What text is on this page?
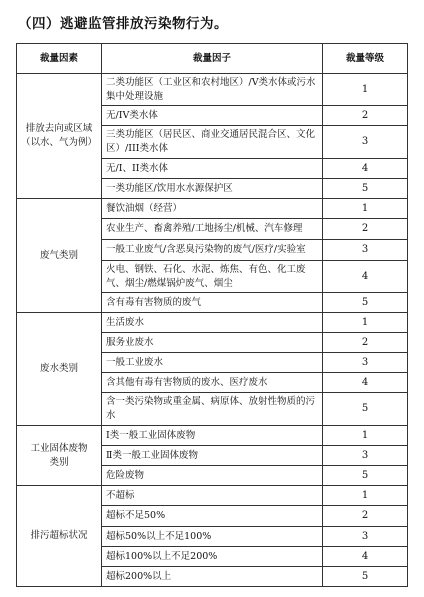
（四）逃避监管排放污染物行为。
裁量因素	裁量因子	裁量等级
排放去向或区域
（以水、气为例）	二类功能区（工业区和农村地区）/V类水体或污水集中处理设施	1
	无/IV类水体	2
	三类功能区（居民区、商业交通居民混合区、文化区）/III类水体	3
	无/I、II类水体	4
	一类功能区/饮用水水源保护区	5
废气类别	餐饮油烟（经营）	1
	农业生产、畜禽养殖/工地扬尘/机械、汽车修理	2
	一般工业废气/含恶臭污染物的废气/医疗/实验室	3
	火电、钢铁、石化、水泥、炼焦、有色、化工废气、烟尘/燃煤锅炉废气、烟尘	4
	含有毒有害物质的废气	5
废水类别	生活废水	1
	服务业废水	2
	一般工业废水	3
	含其他有毒有害物质的废水、医疗废水	4
	含一类污染物或重金属、病原体、放射性物质的污水	5
工业固体废物
类别	Ⅰ类一般工业固体废物	1
	Ⅱ类一般工业固体废物	3
	危险废物	5
排污超标状况	不超标	1
	超标不足50%	2
	超标50%以上不足100%	3
	超标100%以上不足200%	4
	超标200%以上	5
